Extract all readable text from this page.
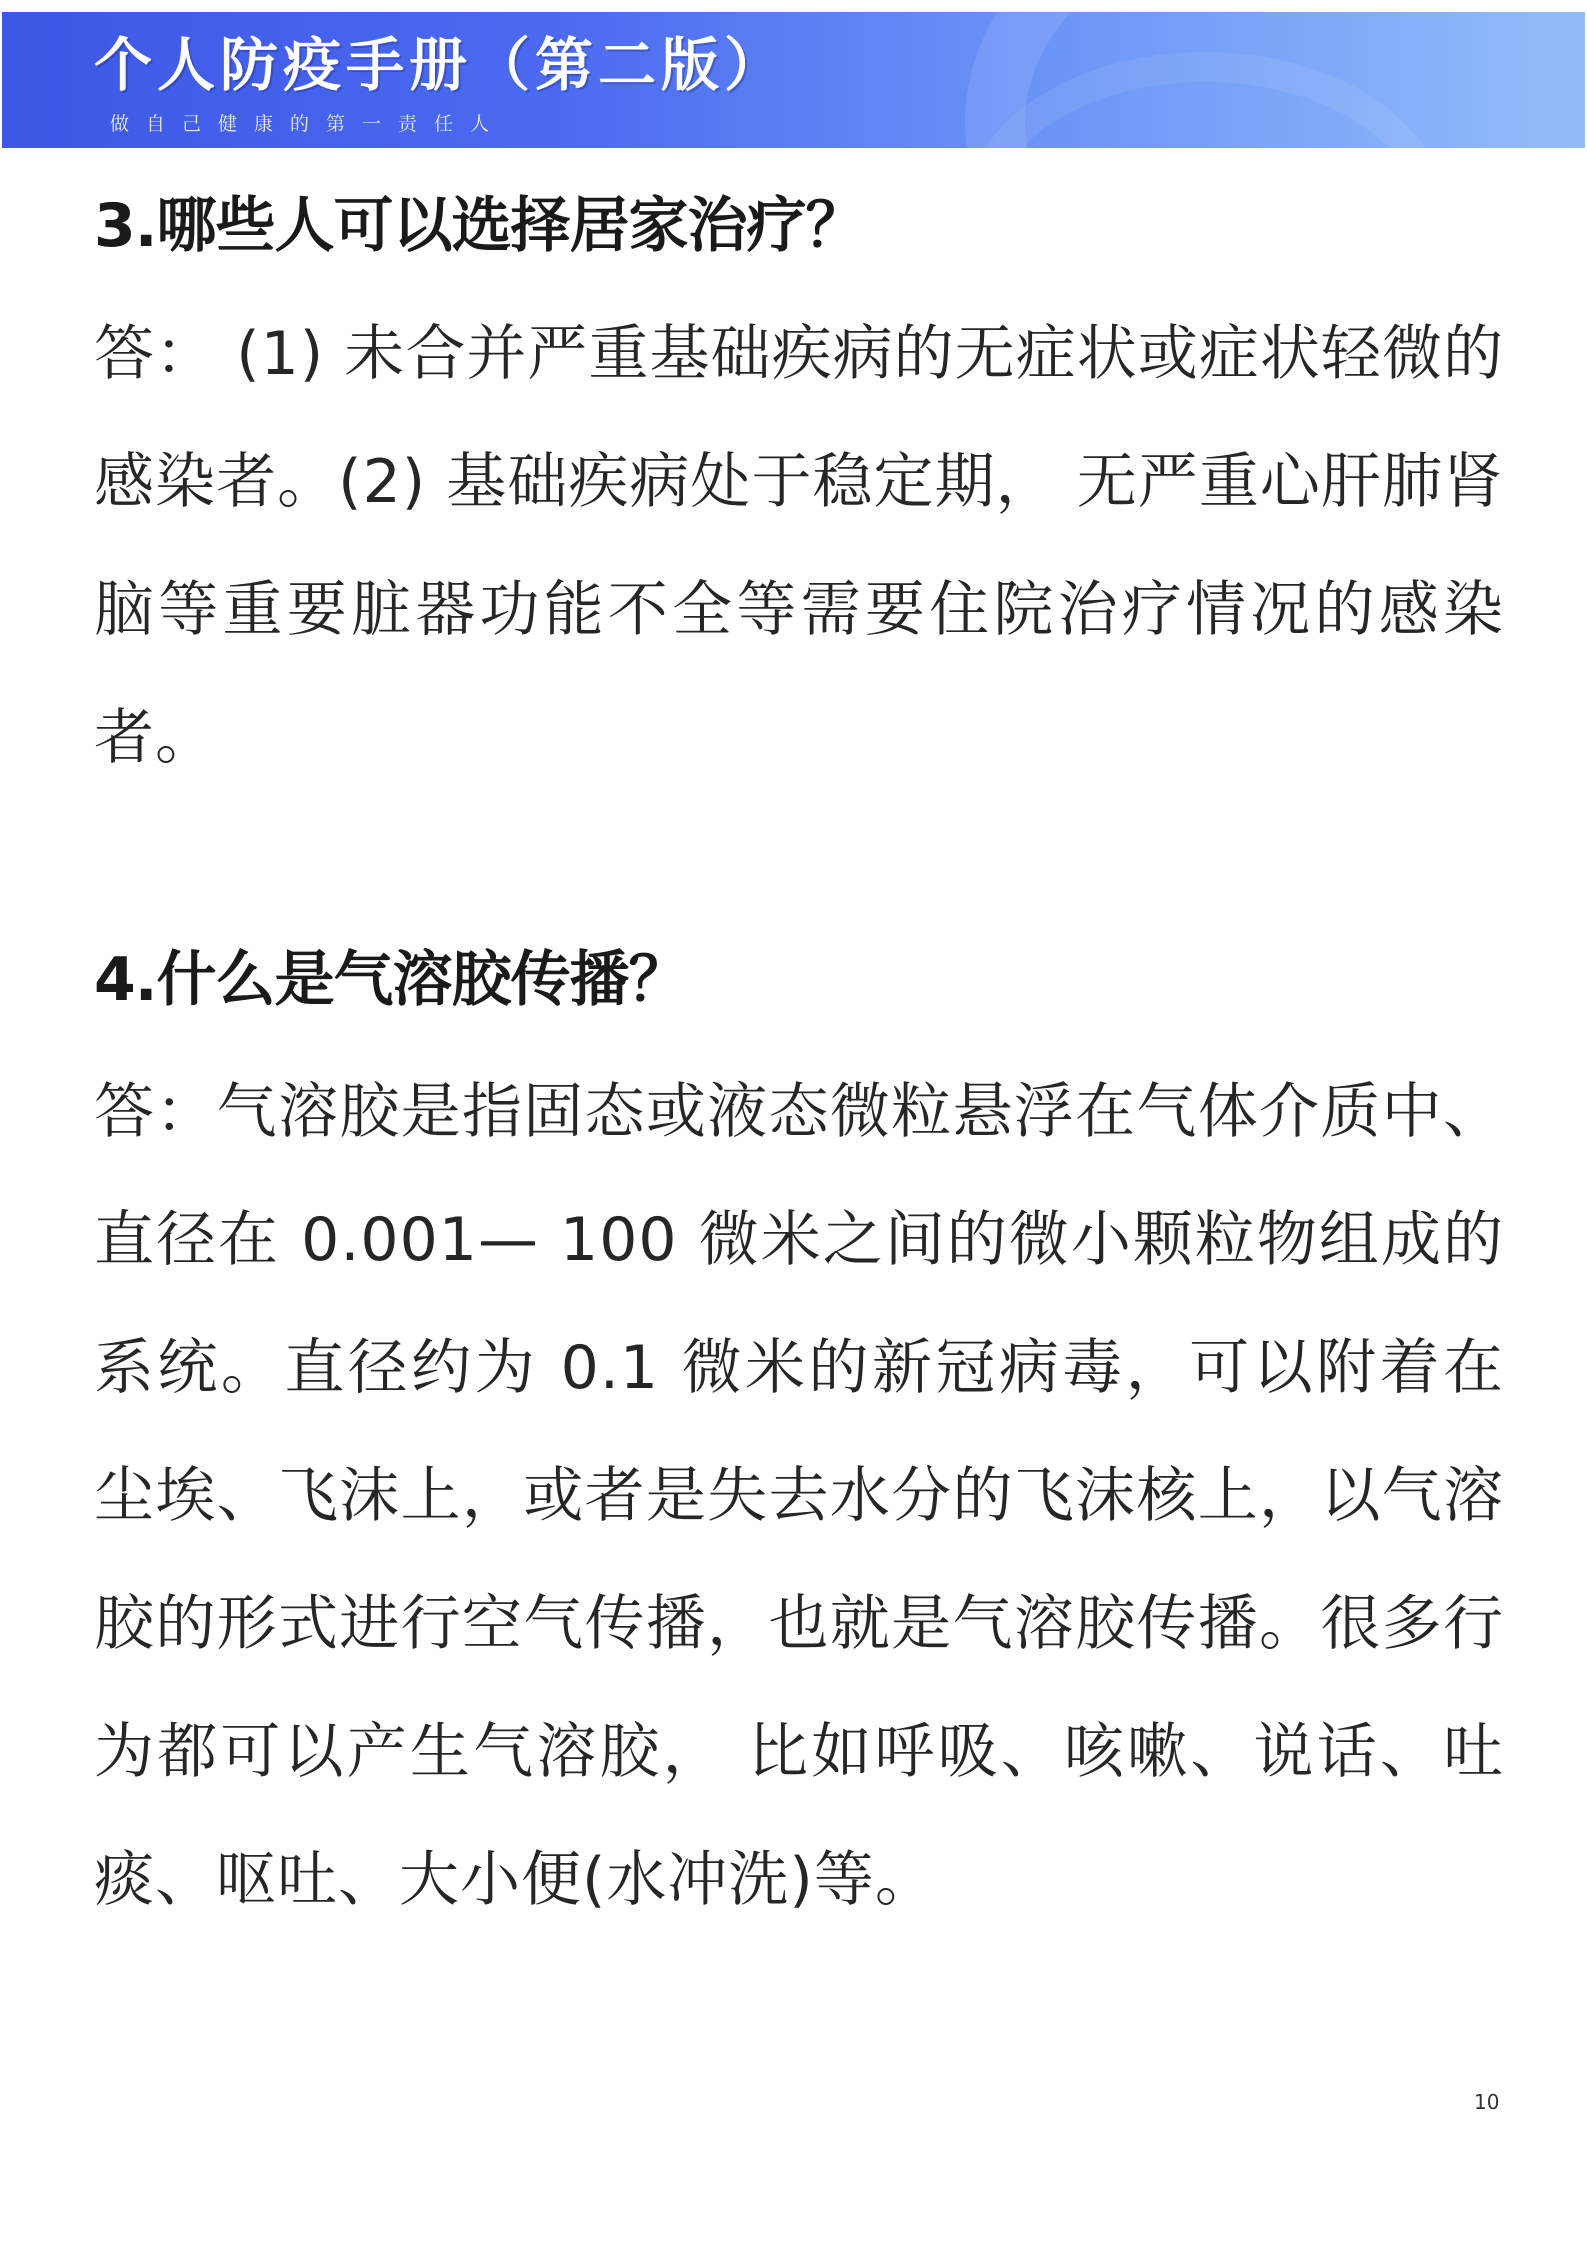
个人防疫手册（第二版）
做自己健康的第一责任人
3.哪些人可以选择居家治疗？

答： (1) 未合并严重基础疾病的无症状或症状轻微的感染者。(2) 基础疾病处于稳定期， 无严重心肝肺肾脑等重要脏器功能不全等需要住院治疗情况的感染者。

4.什么是气溶胶传播？

答：气溶胶是指固态或液态微粒悬浮在气体介质中、直径在 0.001— 100 微米之间的微小颗粒物组成的系统。直径约为 0.1 微米的新冠病毒，可以附着在尘埃、飞沫上，或者是失去水分的飞沫核上，以气溶胶的形式进行空气传播，也就是气溶胶传播。很多行为都可以产生气溶胶， 比如呼吸、咳嗽、说话、吐痰、呕吐、大小便(水冲洗)等。

10
